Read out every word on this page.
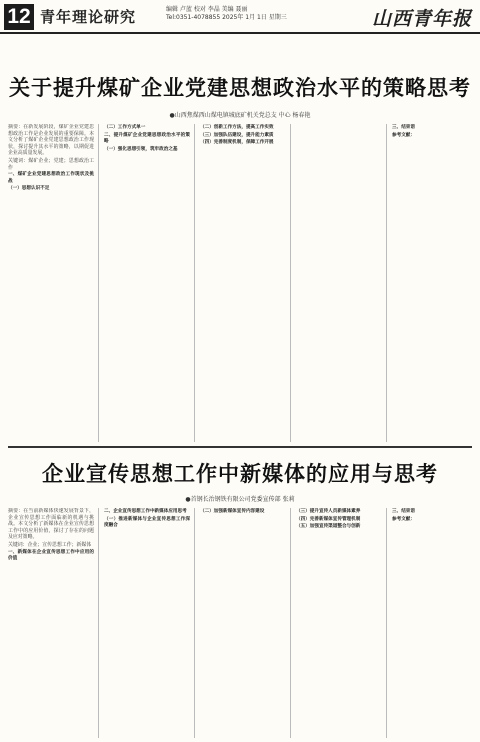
12 青年理论研究	编辑 卢蓝 校对 李晶 美编 聂丽
Tel:0351-4078855 2025年 1月 1日 星期三	山西青年报
关于提升煤矿企业党建思想政治水平的策略思考
●山西焦煤西山煤电镇城底矿机关党总支 中心 杨春艳

摘要：在新发展阶段，煤矿企业党建思想政治工作是企业发展的重要保障。本文分析了煤矿企业党建思想政治工作现状，探讨提升其水平的策略，以期促进企业高质量发展。

关键词：煤矿企业；党建；思想政治工作

一、煤矿企业党建思想政治工作现状及挑战

（一）思想认识不足

（二）工作方式单一

二、提升煤矿企业党建思想政治水平的策略

（一）强化思想引领，筑牢政治之基

（二）创新工作方法，提高工作实效

（三）加强队伍建设，提升能力素质

（四）完善制度机制，保障工作开展

三、结束语

参考文献：

企业宣传思想工作中新媒体的应用与思考
●首钢长治钢铁有限公司党委宣传部 张莉

摘要：在当前新媒体快速发展背景下，企业宣传思想工作面临新的机遇与挑战。本文分析了新媒体在企业宣传思想工作中的应用价值，探讨了存在的问题及应对策略。

关键词：企业；宣传思想工作；新媒体

一、新媒体在企业宣传思想工作中应用的价值

二、企业宣传思想工作中新媒体应用思考

（一）推进新媒体与企业宣传思想工作深度融合

（二）加强新媒体宣传内容建设	（三）提升宣传人员新媒体素养

（四）完善新媒体宣传管理机制

（五）加强宣传渠道整合与创新

三、结束语

参考文献：
